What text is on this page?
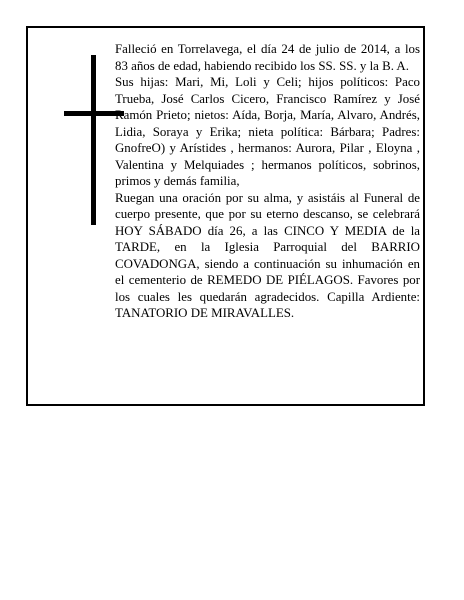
Falleció en Torrelavega, el día 24 de julio de 2014, a los 83 años de edad, habiendo recibido los SS. SS. y la B. A.

Sus hijas: Mari, Mi, Loli y Celi; hijos políticos: Paco Trueba, José Carlos Cicero, Francisco Ramírez y José Ramón Prieto; nietos: Aída, Borja, María, Alvaro, Andrés, Lidia, Soraya y Erika; nieta política: Bárbara; Padres: GnofreO) y Arístides , hermanos: Aurora, Pilar , Eloyna , Valentina y Melquiades ; hermanos políticos, sobrinos, primos y demás familia,

Ruegan una oración por su alma, y asistáis al Funeral de cuerpo presente, que por su eterno descanso, se celebrará HOY SÁBADO día 26, a las CINCO Y MEDIA de la TARDE, en la Iglesia Parroquial del BARRIO COVADONGA, siendo a continuación su inhumación en el cementerio de REMEDO DE PIÉLAGOS. Favores por los cuales les quedarán agradecidos. Capilla Ardiente: TANATORIO DE MIRAVALLES.
